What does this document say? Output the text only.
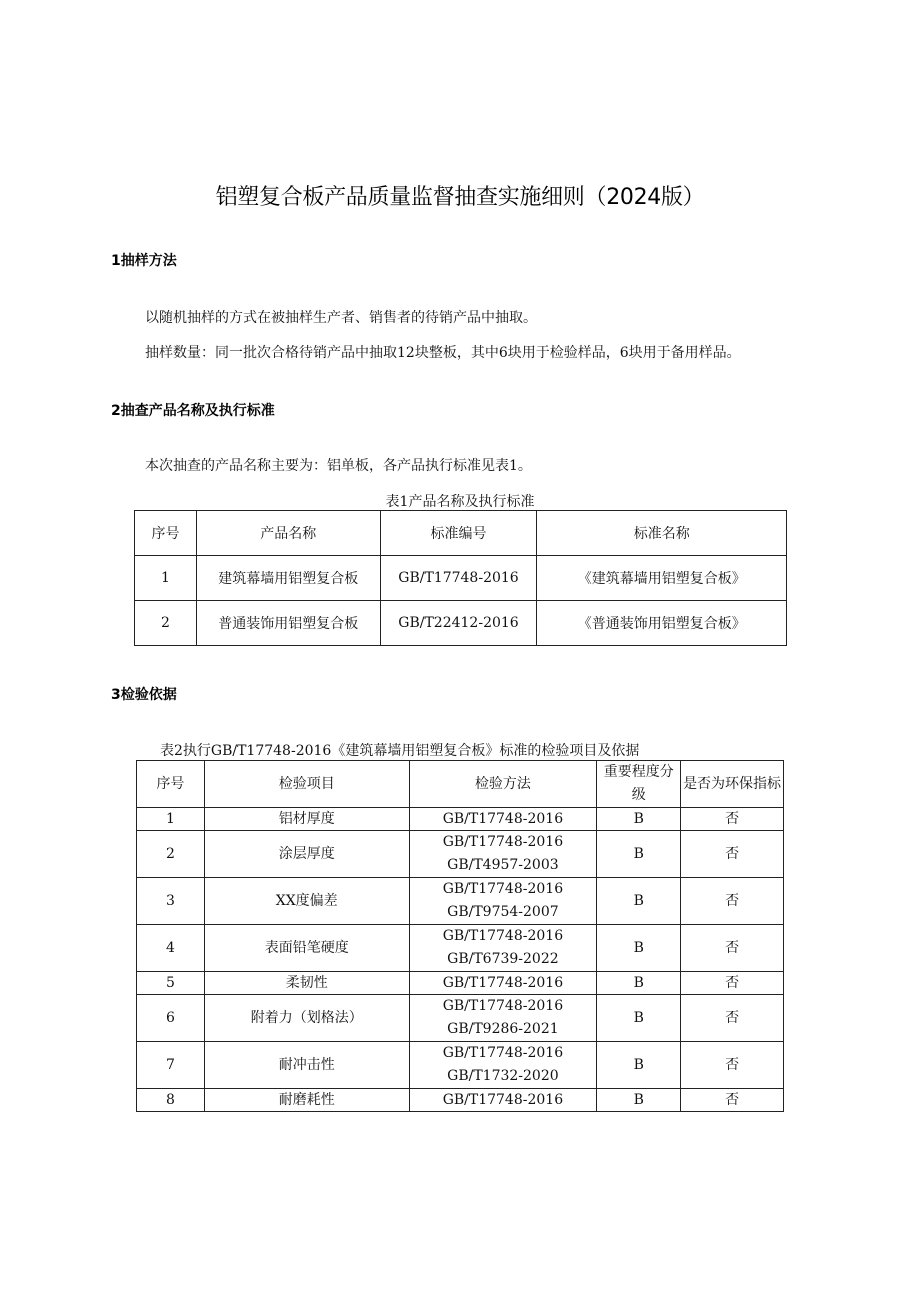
铝塑复合板产品质量监督抽查实施细则（2024版）
1抽样方法
以随机抽样的方式在被抽样生产者、销售者的待销产品中抽取。
抽样数量：同一批次合格待销产品中抽取12块整板，其中6块用于检验样品，6块用于备用样品。
2抽查产品名称及执行标准
本次抽查的产品名称主要为：铝单板，各产品执行标准见表1。
表1产品名称及执行标准
序号	产品名称	标准编号	标准名称
1	建筑幕墙用铝塑复合板	GB/T17748-2016	《建筑幕墙用铝塑复合板》
2	普通装饰用铝塑复合板	GB/T22412-2016	《普通装饰用铝塑复合板》
3检验依据
表2执行GB/T17748-2016《建筑幕墙用铝塑复合板》标准的检验项目及依据
序号	检验项目	检验方法	重要程度分级	是否为环保指标
1	铝材厚度	GB/T17748-2016	B	否
2	涂层厚度	GB/T17748-2016
GB/T4957-2003	B	否
3	XX度偏差	GB/T17748-2016
GB/T9754-2007	B	否
4	表面铅笔硬度	GB/T17748-2016
GB/T6739-2022	B	否
5	柔韧性	GB/T17748-2016	B	否
6	附着力（划格法）	GB/T17748-2016
GB/T9286-2021	B	否
7	耐冲击性	GB/T17748-2016
GB/T1732-2020	B	否
8	耐磨耗性	GB/T17748-2016	B	否
